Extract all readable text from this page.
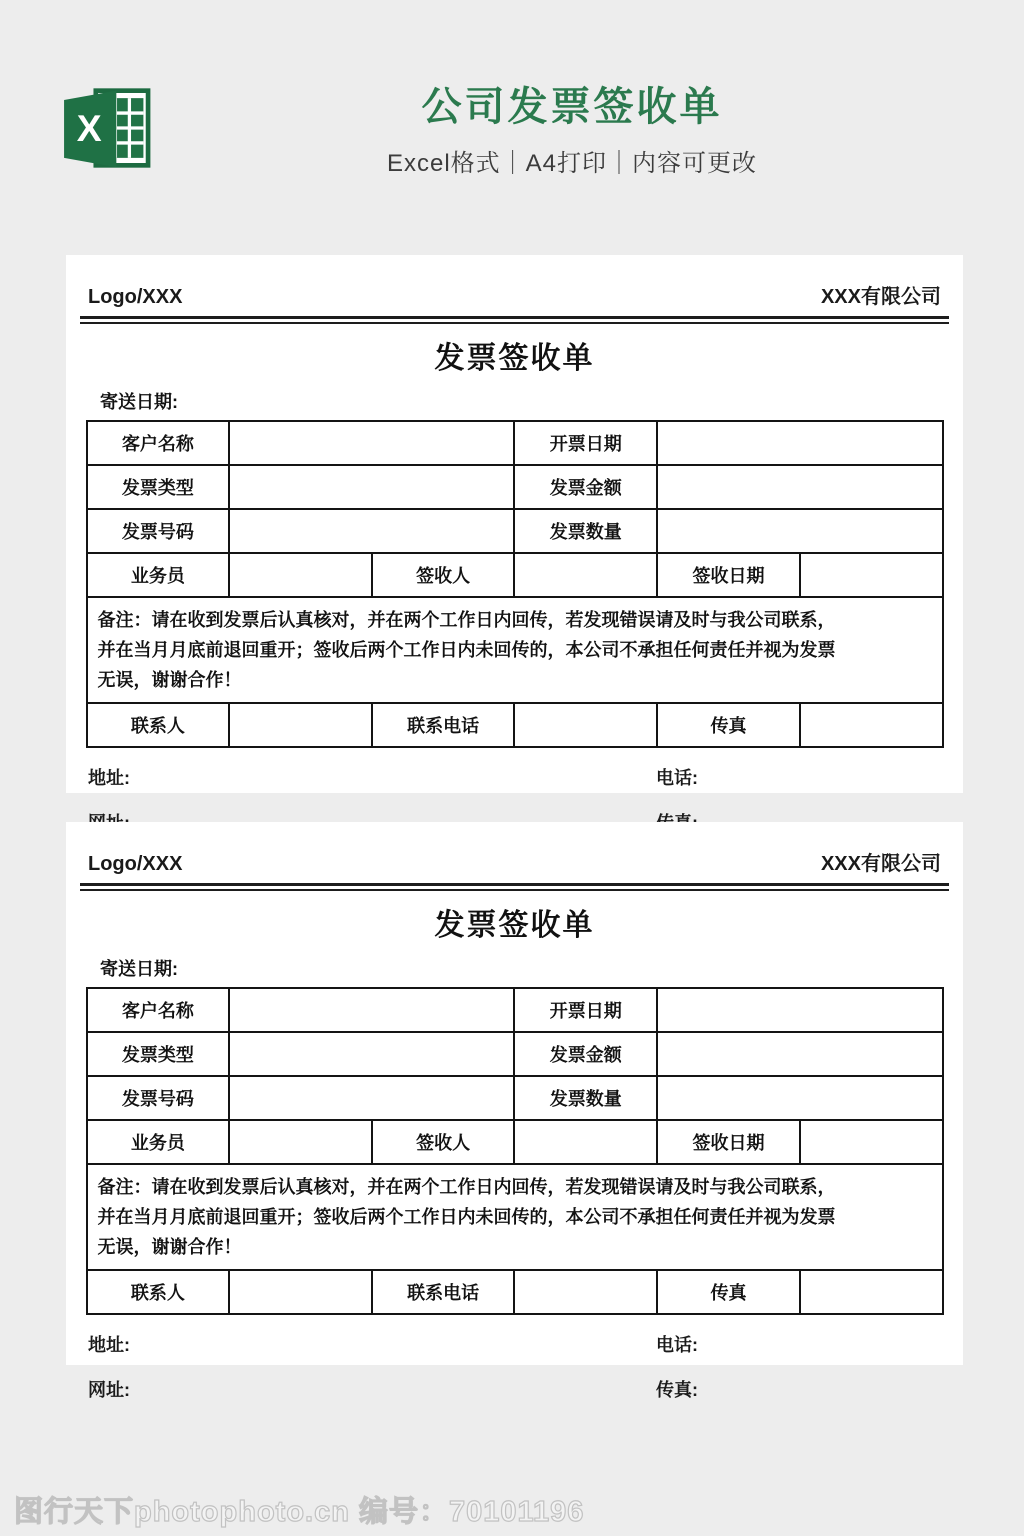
X	公司发票签收单
Excel格式｜A4打印｜内容可更改
Logo/XXX	XXX有限公司
发票签收单
寄送日期:
客户名称			开票日期		
发票类型			发票金额		
发票号码			发票数量		
业务员		签收人		签收日期	

备注：请在收到发票后认真核对，并在两个工作日内回传，若发现错误请及时与我公司联系，
并在当月月底前退回重开；签收后两个工作日内未回传的，本公司不承担任何责任并视为发票
无误，谢谢合作！					

联系人		联系电话		传真	
地址:	电话:
Logo/XXX	XXX有限公司
发票签收单
寄送日期:
客户名称			开票日期		
发票类型			发票金额		
发票号码			发票数量		
业务员		签收人		签收日期	

备注：请在收到发票后认真核对，并在两个工作日内回传，若发现错误请及时与我公司联系，
并在当月月底前退回重开；签收后两个工作日内未回传的，本公司不承担任何责任并视为发票
无误，谢谢合作！					

联系人		联系电话		传真	
地址:	电话:
网址:	传真:
图行天下photophoto.cn 编号：70101196
